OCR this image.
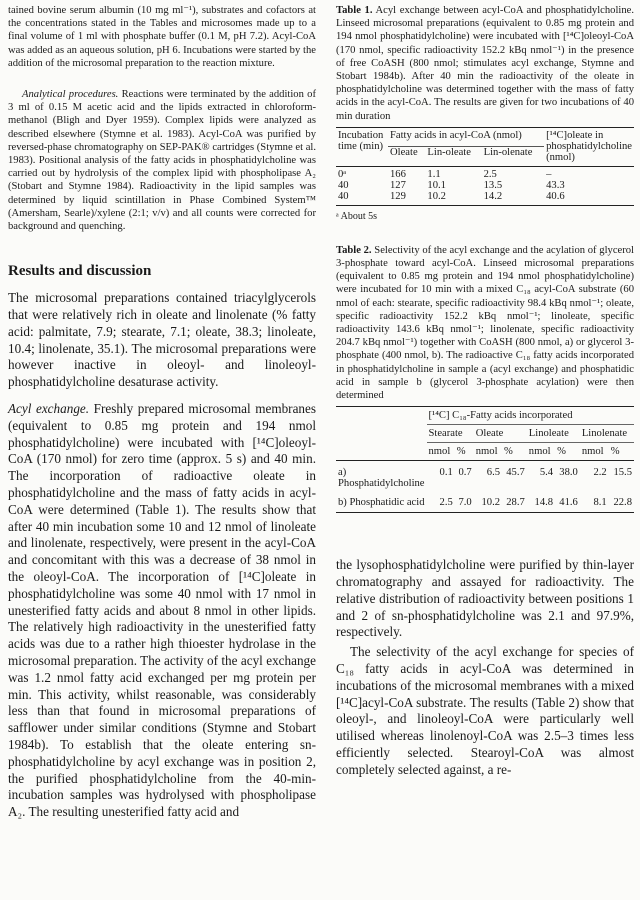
tained bovine serum albumin (10 mg ml⁻¹), substrates and cofactors at the concentrations stated in the Tables and microsomes made up to a final volume of 1 ml with phosphate buffer (0.1 M, pH 7.2). Acyl-CoA was added as an aqueous solution, pH 6. Incubations were started by the addition of the microsomal preparation to the reaction mixture.

Analytical procedures. Reactions were terminated by the addition of 3 ml of 0.15 M acetic acid and the lipids extracted in chloroform-methanol (Bligh and Dyer 1959). Complex lipids were analyzed as described elsewhere (Stymne et al. 1983). Acyl-CoA was purified by reversed-phase chromatography on SEP-PAK® cartridges (Stymne et al. 1983). Positional analysis of the fatty acids in phosphatidylcholine was carried out by hydrolysis of the complex lipid with phospholipase A₂ (Stobart and Stymne 1984). Radioactivity in the lipid samples was determined by liquid scintillation in Phase Combined System™ (Amersham, Searle)/xylene (2:1; v/v) and all counts were corrected for background and quenching.

Results and discussion

The microsomal preparations contained triacylglycerols that were relatively rich in oleate and linolenate (% fatty acid: palmitate, 7.9; stearate, 7.1; oleate, 38.3; linoleate, 10.4; linolenate, 35.1). The microsomal preparations were however inactive in oleoyl- and linoleoyl-phosphatidylcholine desaturase activity.

Acyl exchange. Freshly prepared microsomal membranes (equivalent to 0.85 mg protein and 194 nmol phosphatidylcholine) were incubated with [¹⁴C]oleoyl-CoA (170 nmol) for zero time (approx. 5 s) and 40 min. The incorporation of radioactive oleate in phosphatidylcholine and the mass of fatty acids in acyl-CoA were determined (Table 1). The results show that after 40 min incubation some 10 and 12 nmol of linoleate and linolenate, respectively, were present in the acyl-CoA and concomitant with this was a decrease of 38 nmol in the oleoyl-CoA. The incorporation of [¹⁴C]oleate in phosphatidylcholine was some 40 nmol with 17 nmol in unesterified fatty acids and about 8 nmol in other lipids. The relatively high radioactivity in the unesterified fatty acids was due to a rather high thioester hydrolase in the microsomal preparation. The activity of the acyl exchange was 1.2 nmol fatty acid exchanged per mg protein per min. This activity, whilst reasonable, was considerably less than that found in microsomal preparations of safflower under similar conditions (Stymne and Stobart 1984b). To establish that the oleate entering sn-phosphatidylcholine by acyl exchange was in position 2, the purified phosphatidylcholine from the 40-min-incubation samples was hydrolysed with phospholipase A₂. The resulting unesterified fatty acid and

Table 1. Acyl exchange between acyl-CoA and phosphatidylcholine. Linseed microsomal preparations (equivalent to 0.85 mg protein and 194 nmol phosphatidylcholine) were incubated with [¹⁴C]oleoyl-CoA (170 nmol, specific radioactivity 152.2 kBq nmol⁻¹) in the presence of free CoASH (800 nmol; stimulates acyl exchange, Stymne and Stobart 1984b). After 40 min the radioactivity of the oleate in phosphatidylcholine was determined together with the mass of fatty acids in the acyl-CoA. The results are given for two incubations of 40 min duration

Incubation time (min)	Fatty acids in acyl-CoA (nmol)			[¹⁴C]oleate in phosphatidylcholine (nmol)
	Oleate	Lin-oleate	Lin-olenate	

0ᵃ	166	1.1	2.5	–
40	127	10.1	13.5	43.3
40	129	10.2	14.2	40.6

ᵃ About 5s

Table 2. Selectivity of the acyl exchange and the acylation of glycerol 3-phosphate toward acyl-CoA. Linseed microsomal preparations (equivalent to 0.85 mg protein and 194 nmol phosphatidylcholine) were incubated for 10 min with a mixed C₁₈ acyl-CoA substrate (60 nmol of each: stearate, specific radioactivity 98.4 kBq nmol⁻¹; oleate, specific radioactivity 152.2 kBq nmol⁻¹; linoleate, specific radioactivity 143.6 kBq nmol⁻¹; linolenate, specific radioactivity 204.7 kBq nmol⁻¹) together with CoASH (800 nmol, a) or glycerol 3-phosphate (400 nmol, b). The radioactive C₁₈ fatty acids incorporated in phosphatidylcholine in sample a (acyl exchange) and phosphatidic acid in sample b (glycerol 3-phosphate acylation) were then determined

	[¹⁴C] C₁₈-Fatty acids incorporated							

	Stearate		Oleate		Linoleate		Linolenate	

	nmol	%	nmol	%	nmol	%	nmol	%

a) Phosphatidylcholine	0.1	0.7	6.5	45.7	5.4	38.0	2.2	15.5
b) Phosphatidic acid	2.5	7.0	10.2	28.7	14.8	41.6	8.1	22.8

the lysophosphatidylcholine were purified by thin-layer chromatography and assayed for radioactivity. The relative distribution of radioactivity between positions 1 and 2 of sn-phosphatidylcholine was 2.1 and 97.9%, respectively.

The selectivity of the acyl exchange for species of C₁₈ fatty acids in acyl-CoA was determined in incubations of the microsomal membranes with a mixed [¹⁴C]acyl-CoA substrate. The results (Table 2) show that oleoyl-, and linoleoyl-CoA were particularly well utilised whereas linolenoyl-CoA was 2.5–3 times less efficiently selected. Stearoyl-CoA was almost completely selected against, a re-
